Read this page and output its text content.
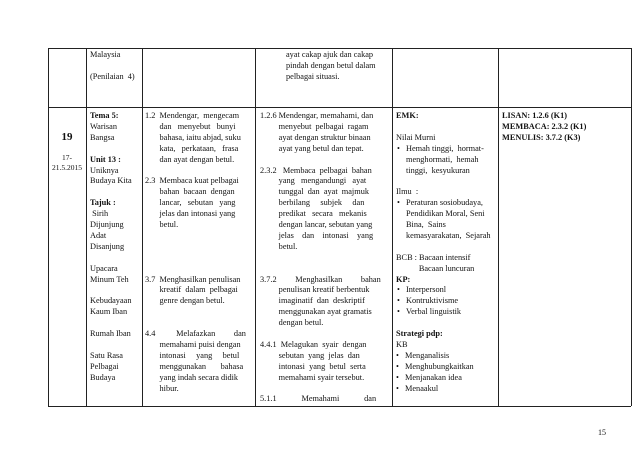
Malaysia
(Penilaian  4)
ayat cakap ajuk dan cakap
pindah dengan betul dalam
pelbagai situasi.
19
17-
21.5.2015
Tema 5:
Warisan
Bangsa
Unit 13 :
Uniknya
Budaya Kita
Tajuk :
Sirih
Dijunjung
Adat
Disanjung
Upacara
Minum Teh
Kebudayaan
Kaum Iban
Rumah Iban
Satu Rasa
Pelbagai
Budaya
1.2  Mendengar,  mengecam
dan   menyebut   bunyi
bahasa, iaitu abjad, suku
kata,   perkataan,   frasa
dan ayat dengan betul.
2.3  Membaca kuat pelbagai
bahan  bacaan  dengan
lancar,   sebutan   yang
jelas dan intonasi yang
betul.
3.7  Menghasilkan penulisan
kreatif  dalam  pelbagai
genre dengan betul.
4.4          Melafazkan         dan
memahami puisi dengan
intonasi     yang     betul
menggunakan       bahasa
yang indah secara didik
hibur.
1.2.6 Mendengar, memahami, dan
menyebut  pelbagai  ragam
ayat dengan struktur binaan
ayat yang betul dan tepat.
2.3.2   Membaca  pelbagai  bahan
yang   mengandungi   ayat
tunggal  dan  ayat  majmuk
berbilang     subjek     dan
predikat   secara   mekanis
dengan lancar, sebutan yang
jelas    dan    intonasi    yang
betul.
3.7.2         Menghasilkan         bahan
penulisan kreatif berbentuk
imaginatif  dan  deskriptif
menggunakan ayat gramatis
dengan betul.
4.4.1  Melagukan  syair  dengan
sebutan  yang  jelas  dan
intonasi  yang  betul  serta
memahami syair tersebut.
5.1.1            Memahami            dan
EMK:
Nilai Murni
• Hemah tinggi,  hormat-
menghormati,  hemah
tinggi,  kesyukuran
Ilmu  :
• Peraturan sosiobudaya,
Pendidikan Moral, Seni
Bina,  Sains
kemasyarakatan,  Sejarah
BCB : Bacaan intensif
Bacaan luncuran
KP:
• Interpersonl
• Kontruktivisme
• Verbal linguistik
Strategi pdp:
KB
• Menganalisis
• Menghubungkaitkan
• Menjanakan idea
• Menaakul
LISAN: 1.2.6 (K1)
MEMBACA: 2.3.2 (K1)
MENULIS: 3.7.2 (K3)
15
